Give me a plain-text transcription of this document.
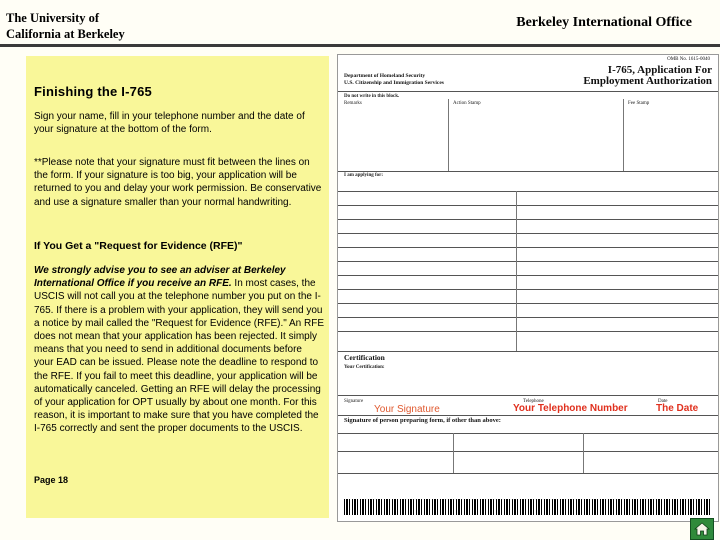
The University of
California at Berkeley
Berkeley International Office
Finishing the I-765
Sign your name, fill in your telephone number and the date of your signature at the bottom of the form.
**Please note that your signature must fit between the lines on the form. If your signature is too big, your application will be returned to you and delay your work permission. Be conservative and use a signature smaller than your normal handwriting.
If You Get a "Request for Evidence (RFE)"
We strongly advise you to see an adviser at Berkeley International Office if you receive an RFE. In most cases, the USCIS will not call you at the telephone number you put on the I-765. If there is a problem with your application, they will send you a notice by mail called the "Request for Evidence (RFE)." An RFE does not mean that your application has been rejected. It simply means that you need to send in additional documents before your EAD can be issued. Please note the deadline to respond to the RFE. If you fail to meet this deadline, your application will be automatically canceled. Getting an RFE will delay the processing of your application for OPT usually by about one month. For this reason, it is important to make sure that you have completed the I-765 correctly and sent the proper documents to the USCIS.
Page 18
OMB No. 1615-0040
Department of Homeland Security
U.S. Citizenship and Immigration Services
I-765, Application For
Employment Authorization
Do not write in this block.
Remarks	Action Stamp	Fee Stamp
I am applying for:
Certification
Your Certification:
Signature	Telephone	Date
Your Signature	Your Telephone Number	The Date
Signature of person preparing form, if other than above:
